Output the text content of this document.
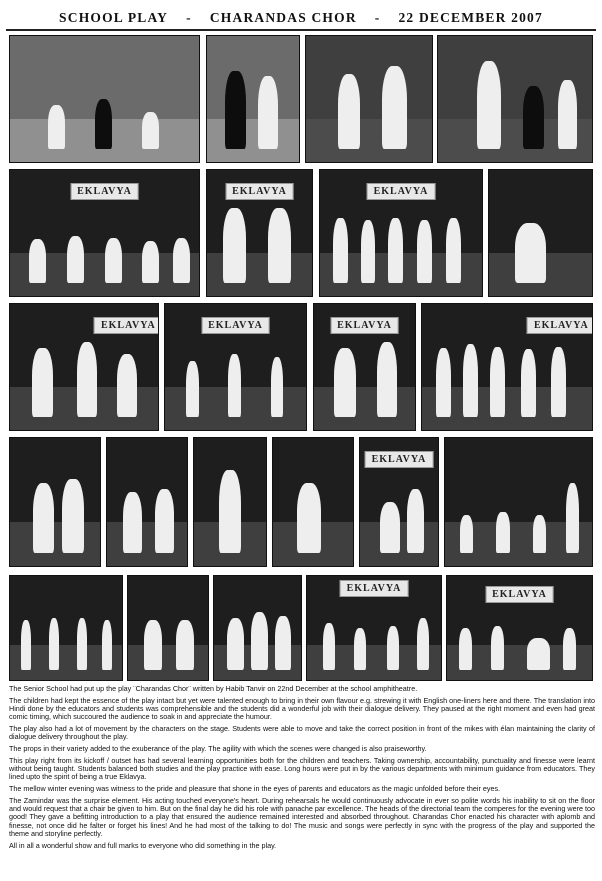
SCHOOL PLAY - CHARANDAS CHOR - 22 DECEMBER 2007
EKLAVYA	EKLAVYA	EKLAVYA
EKLAVYA	EKLAVYA	EKLAVYA	EKLAVYA
EKLAVYA
EKLAVYA
EKLAVYA

The Senior School had put up the play ¨Charandas Chor¨ written by Habib Tanvir on 22nd December at the school amphitheatre.

The children had kept the essence of the play intact but yet were talented enough to bring in their own flavour e.g. strewing it with English one-liners here and there. The translation into Hindi done by the educators and students was comprehensible and the students did a wonderful job with their dialogue delivery. They paused at the right moment and even had great comic timing, which succoured the audience to soak in and appreciate the humour.

The play also had a lot of movement by the characters on the stage. Students were able to move and take the correct position in front of the mikes with élan maintaining the clarity of dialogue delivery throughout the play.

The props in their variety added to the exuberance of the play. The agility with which the scenes were changed is also praiseworthy.

This play right from its kickoff / outset has had several learning opportunities both for the children and teachers. Taking ownership, accountability, punctuality and finesse were learnt without being taught. Students balanced both studies and the play practice with ease. Long hours were put in by the various departments with minimum guidance from educators. They lined upto the spirit of being a true Eklavya.

The mellow winter evening was witness to the pride and pleasure that shone in the eyes of parents and educators as the magic unfolded before their eyes.

The Zamindar was the surprise element. His acting touched everyone's heart. During rehearsals he would continuously advocate in ever so polite words his inability to sit on the floor and would request that a chair be given to him. But on the final day he did his role with panache par excellence. The heads of the directorial team the comperes for the evening were too good! They gave a befitting introduction to a play that ensured the audience remained interested and absorbed throughout. Charandas Chor enacted his character with aplomb and finesse, not once did he falter or forget his lines! And he had most of the talking to do! The music and songs were perfectly in sync with the progress of the play and supported the theme and storyline perfectly.

All in all a wonderful show and full marks to everyone who did something in the play.
